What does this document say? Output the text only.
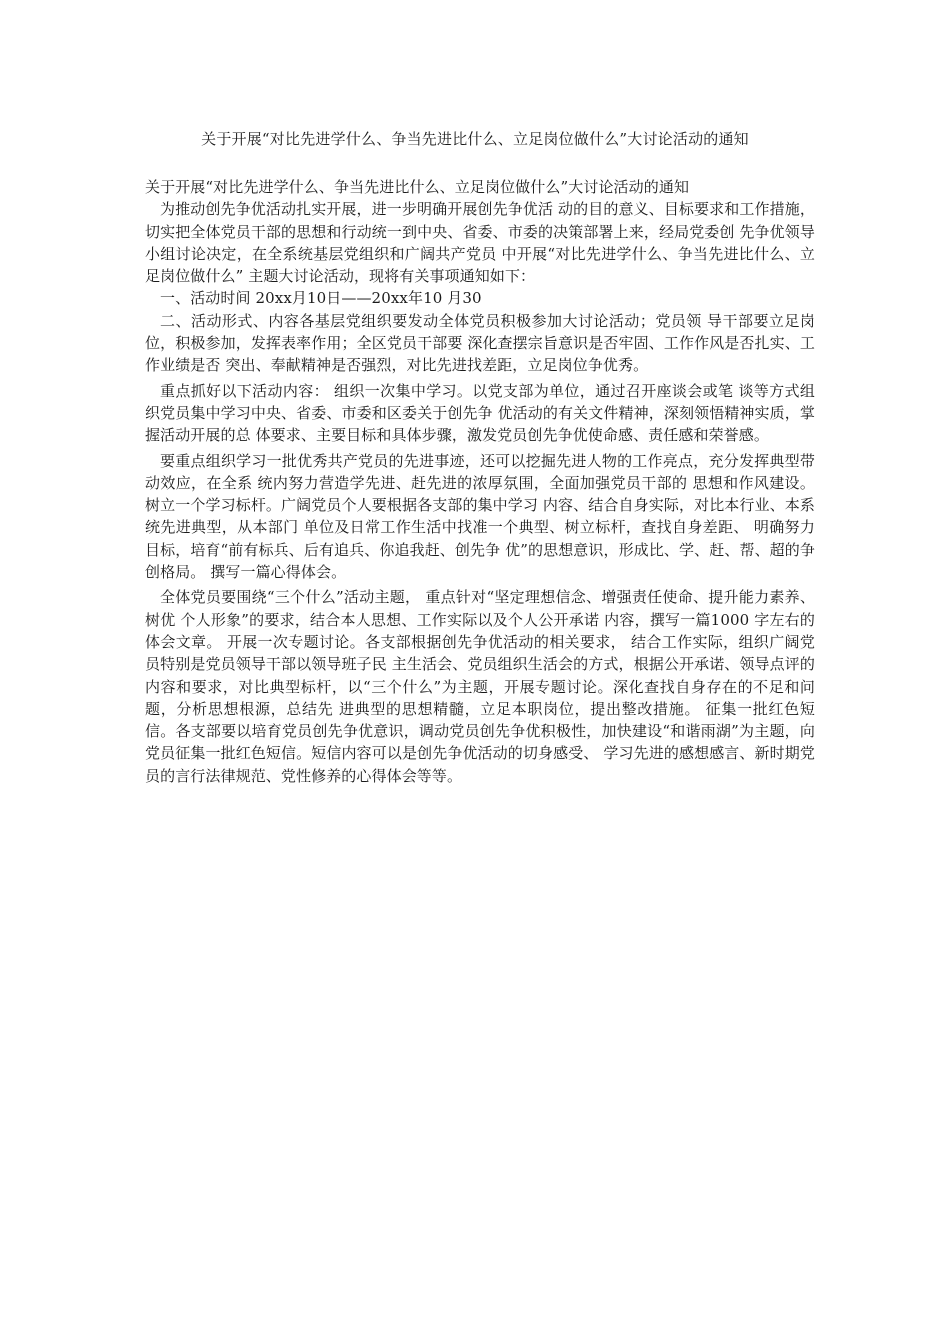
关于开展“对比先进学什么、争当先进比什么、立足岗位做什么”大讨论活动的通知

关于开展“对比先进学什么、争当先进比什么、立足岗位做什么”大讨论活动的通知

为推动创先争优活动扎实开展，进一步明确开展创先争优活 动的目的意义、目标要求和工作措施，切实把全体党员干部的思想和行动统一到中央、省委、市委的决策部署上来，经局党委创 先争优领导小组讨论决定，在全系统基层党组织和广阔共产党员 中开展“对比先进学什么、争当先进比什么、立足岗位做什么” 主题大讨论活动，现将有关事项通知如下：

一、活动时间 20xx月10日——20xx年10 月30

二、活动形式、内容各基层党组织要发动全体党员积极参加大讨论活动；党员领 导干部要立足岗位，积极参加，发挥表率作用；全区党员干部要 深化查摆宗旨意识是否牢固、工作作风是否扎实、工作业绩是否 突出、奉献精神是否强烈，对比先进找差距，立足岗位争优秀。

重点抓好以下活动内容： 组织一次集中学习。以党支部为单位，通过召开座谈会或笔 谈等方式组织党员集中学习中央、省委、市委和区委关于创先争 优活动的有关文件精神，深刻领悟精神实质，掌握活动开展的总 体要求、主要目标和具体步骤，激发党员创先争优使命感、责任感和荣誉感。

要重点组织学习一批优秀共产党员的先进事迹，还可以挖掘先进人物的工作亮点，充分发挥典型带动效应，在全系 统内努力营造学先进、赶先进的浓厚氛围，全面加强党员干部的 思想和作风建设。 树立一个学习标杆。广阔党员个人要根据各支部的集中学习 内容、结合自身实际，对比本行业、本系统先进典型，从本部门 单位及日常工作生活中找准一个典型、树立标杆，查找自身差距、 明确努力目标，培育“前有标兵、后有追兵、你追我赶、创先争 优”的思想意识，形成比、学、赶、帮、超的争创格局。 撰写一篇心得体会。

全体党员要围绕“三个什么”活动主题， 重点针对“坚定理想信念、增强责任使命、提升能力素养、树优 个人形象”的要求，结合本人思想、工作实际以及个人公开承诺 内容，撰写一篇1000 字左右的体会文章。 开展一次专题讨论。各支部根据创先争优活动的相关要求， 结合工作实际，组织广阔党员特别是党员领导干部以领导班子民 主生活会、党员组织生活会的方式，根据公开承诺、领导点评的 内容和要求，对比典型标杆，以“三个什么”为主题，开展专题讨论。深化查找自身存在的不足和问题，分析思想根源，总结先 进典型的思想精髓，立足本职岗位，提出整改措施。 征集一批红色短信。各支部要以培育党员创先争优意识，调动党员创先争优积极性，加快建设“和谐雨湖”为主题，向党员征集一批红色短信。短信内容可以是创先争优活动的切身感受、 学习先进的感想感言、新时期党员的言行法律规范、党性修养的心得体会等等。
